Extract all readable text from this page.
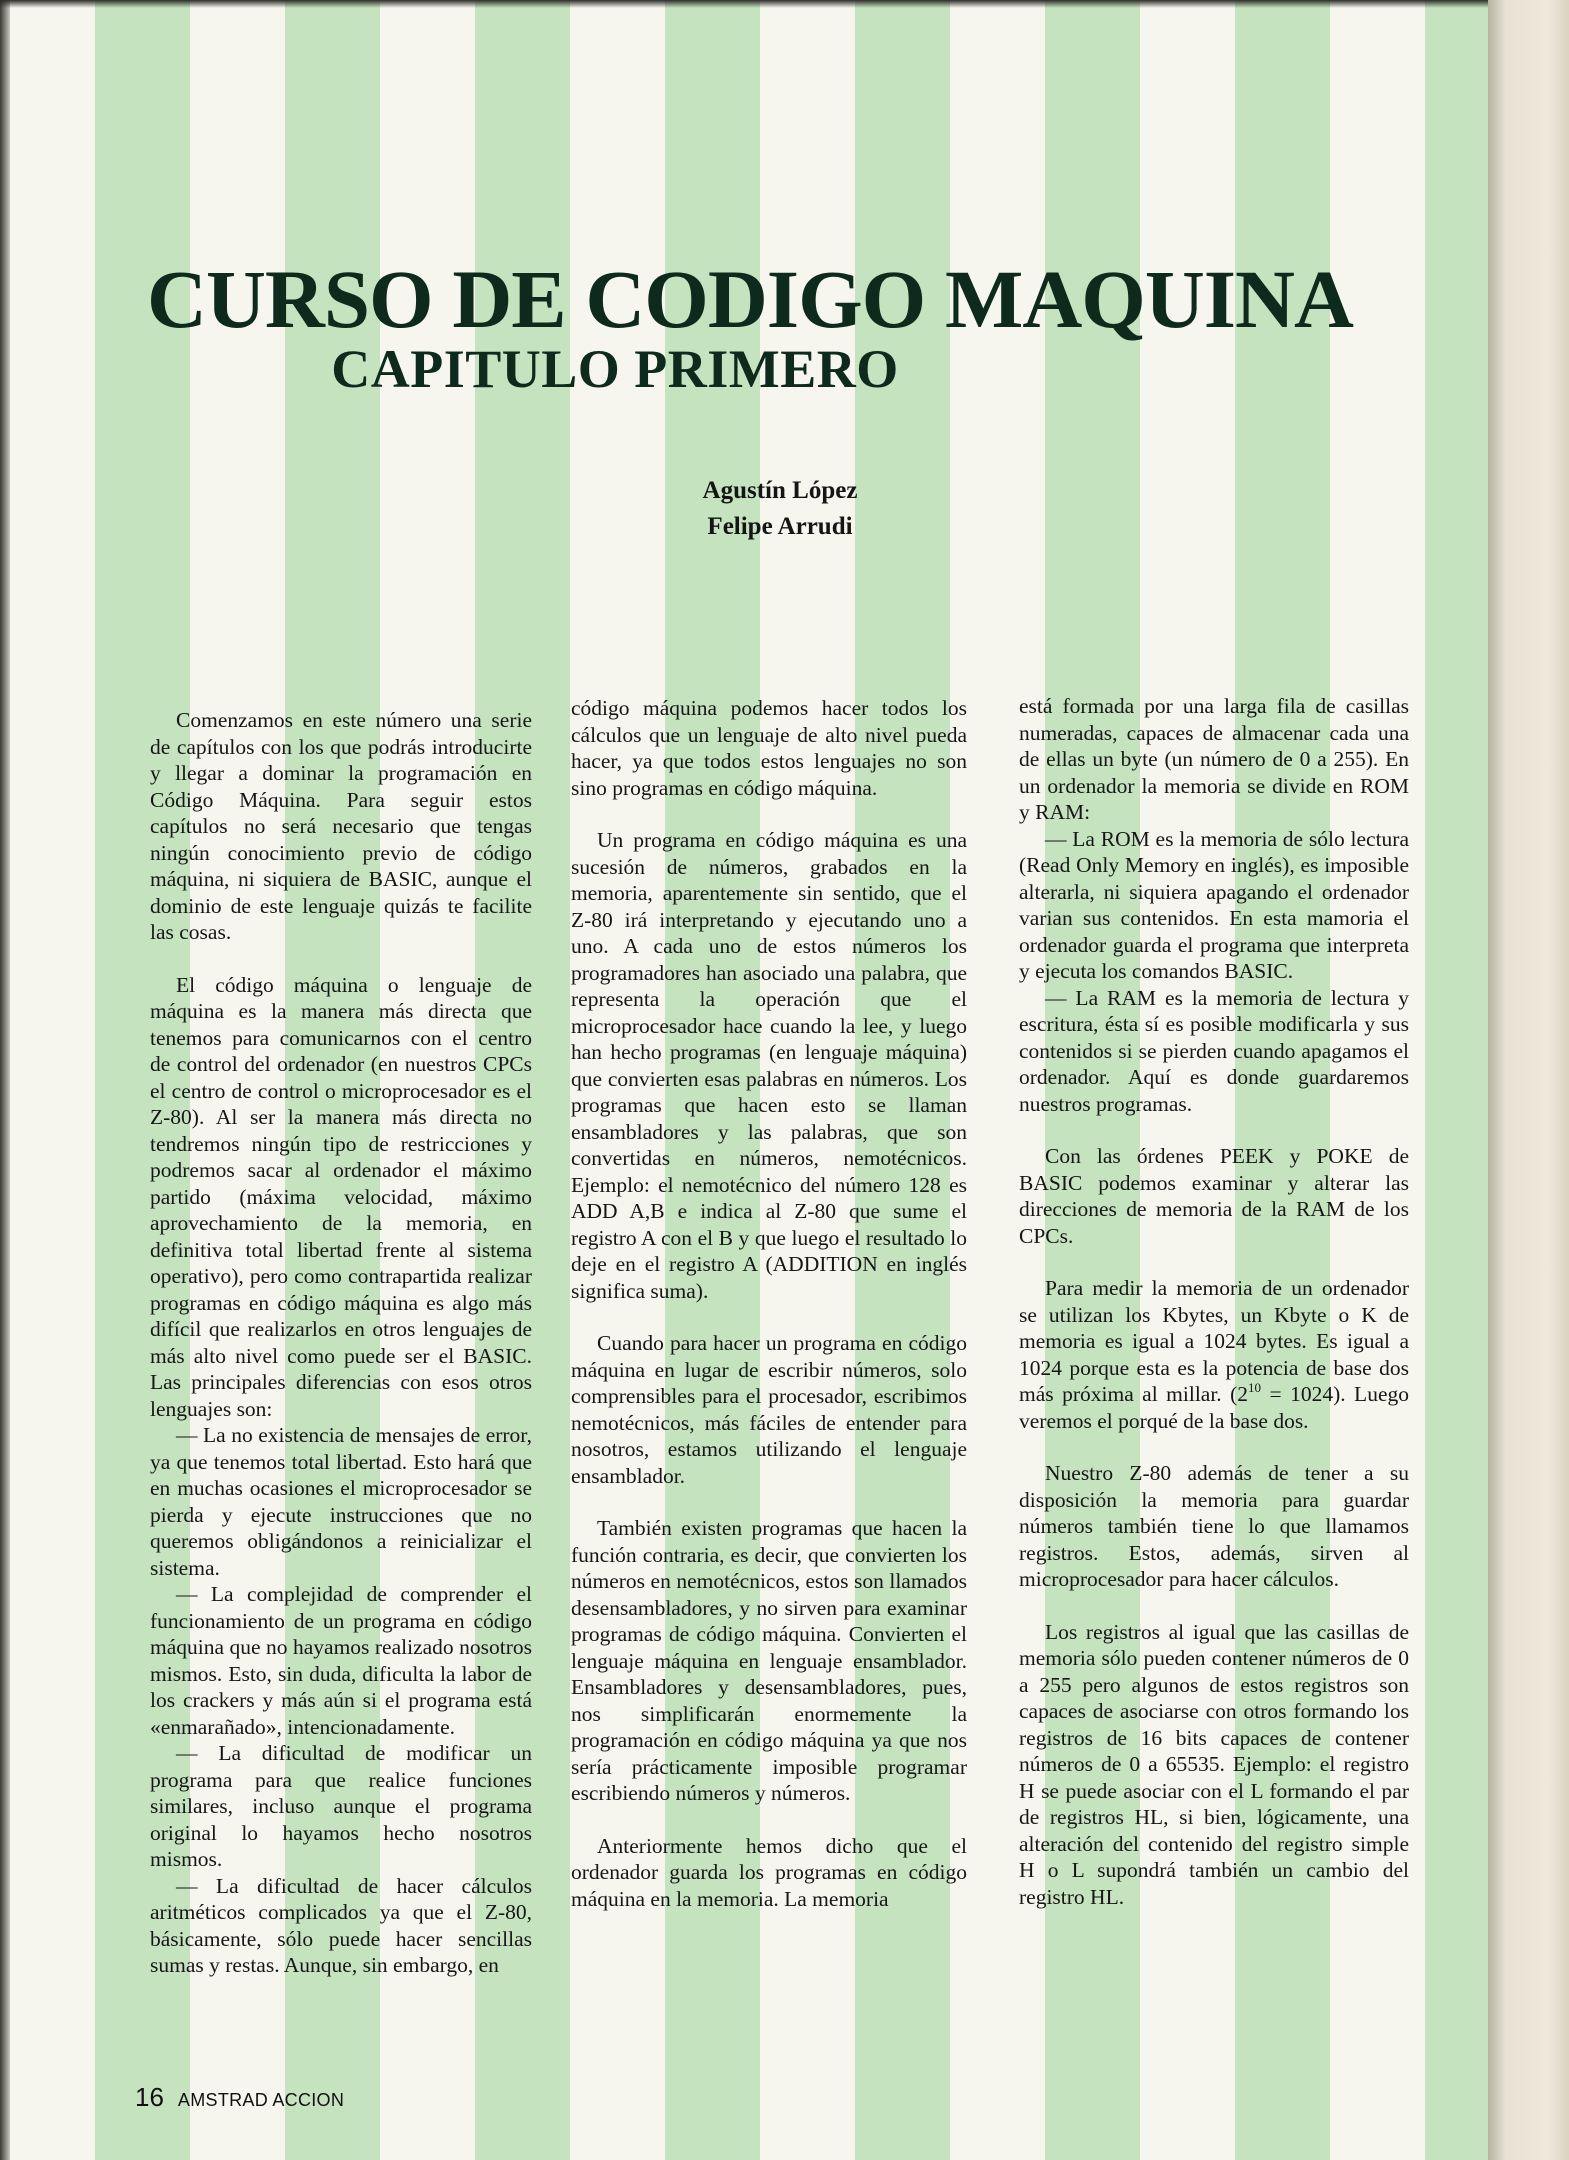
CURSO DE CODIGO MAQUINA
CAPITULO PRIMERO
Agustín López
Felipe Arrudi

Comenzamos en este número una serie de capítulos con los que podrás introducirte y llegar a dominar la programación en Código Máquina. Para seguir estos capítulos no será necesario que tengas ningún conocimiento previo de código máquina, ni siquiera de BASIC, aunque el dominio de este lenguaje quizás te facilite las cosas.

El código máquina o lenguaje de máquina es la manera más directa que tenemos para comunicarnos con el centro de control del ordenador (en nuestros CPCs el centro de control o microprocesador es el Z-80). Al ser la manera más directa no tendremos ningún tipo de restricciones y podremos sacar al ordenador el máximo partido (máxima velocidad, máximo aprovechamiento de la memoria, en definitiva total libertad frente al sistema operativo), pero como contrapartida realizar programas en código máquina es algo más difícil que realizarlos en otros lenguajes de más alto nivel como puede ser el BASIC. Las principales diferencias con esos otros lenguajes son:

— La no existencia de mensajes de error, ya que tenemos total libertad. Esto hará que en muchas ocasiones el microprocesador se pierda y ejecute instrucciones que no queremos obligándonos a reinicializar el sistema.

— La complejidad de comprender el funcionamiento de un programa en código máquina que no hayamos realizado nosotros mismos. Esto, sin duda, dificulta la labor de los crackers y más aún si el programa está «enmarañado», intencionadamente.

— La dificultad de modificar un programa para que realice funciones similares, incluso aunque el programa original lo hayamos hecho nosotros mismos.

— La dificultad de hacer cálculos aritméticos complicados ya que el Z-80, básicamente, sólo puede hacer sencillas sumas y restas. Aunque, sin embargo, en

código máquina podemos hacer todos los cálculos que un lenguaje de alto nivel pueda hacer, ya que todos estos lenguajes no son sino programas en código máquina.

Un programa en código máquina es una sucesión de números, grabados en la memoria, aparentemente sin sentido, que el Z-80 irá interpretando y ejecutando uno a uno. A cada uno de estos números los programadores han asociado una palabra, que representa la operación que el microprocesador hace cuando la lee, y luego han hecho programas (en lenguaje máquina) que convierten esas palabras en números. Los programas que hacen esto se llaman ensambladores y las palabras, que son convertidas en números, nemotécnicos. Ejemplo: el nemotécnico del número 128 es ADD A,B e indica al Z-80 que sume el registro A con el B y que luego el resultado lo deje en el registro A (ADDITION en inglés significa suma).

Cuando para hacer un programa en código máquina en lugar de escribir números, solo comprensibles para el procesador, escribimos nemotécnicos, más fáciles de entender para nosotros, estamos utilizando el lenguaje ensamblador.

También existen programas que hacen la función contraria, es decir, que convierten los números en nemotécnicos, estos son llamados desensambladores, y no sirven para examinar programas de código máquina. Convierten el lenguaje máquina en lenguaje ensamblador. Ensambladores y desensambladores, pues, nos simplificarán enormemente la programación en código máquina ya que nos sería prácticamente imposible programar escribiendo números y números.

Anteriormente hemos dicho que el ordenador guarda los programas en código máquina en la memoria. La memoria

está formada por una larga fila de casillas numeradas, capaces de almacenar cada una de ellas un byte (un número de 0 a 255). En un ordenador la memoria se divide en ROM y RAM:

— La ROM es la memoria de sólo lectura (Read Only Memory en inglés), es imposible alterarla, ni siquiera apagando el ordenador varian sus contenidos. En esta mamoria el ordenador guarda el programa que interpreta y ejecuta los comandos BASIC.

— La RAM es la memoria de lectura y escritura, ésta sí es posible modificarla y sus contenidos si se pierden cuando apagamos el ordenador. Aquí es donde guardaremos nuestros programas.

Con las órdenes PEEK y POKE de BASIC podemos examinar y alterar las direcciones de memoria de la RAM de los CPCs.

Para medir la memoria de un ordenador se utilizan los Kbytes, un Kbyte o K de memoria es igual a 1024 bytes. Es igual a 1024 porque esta es la potencia de base dos más próxima al millar. $(2^{10} = 1024)$. Luego veremos el porqué de la base dos.

Nuestro Z-80 además de tener a su disposición la memoria para guardar números también tiene lo que llamamos registros. Estos, además, sirven al microprocesador para hacer cálculos.

Los registros al igual que las casillas de memoria sólo pueden contener números de 0 a 255 pero algunos de estos registros son capaces de asociarse con otros formando los registros de 16 bits capaces de contener números de 0 a 65535. Ejemplo: el registro H se puede asociar con el L formando el par de registros HL, si bien, lógicamente, una alteración del contenido del registro simple H o L supondrá también un cambio del registro HL.

16 AMSTRAD ACCION
